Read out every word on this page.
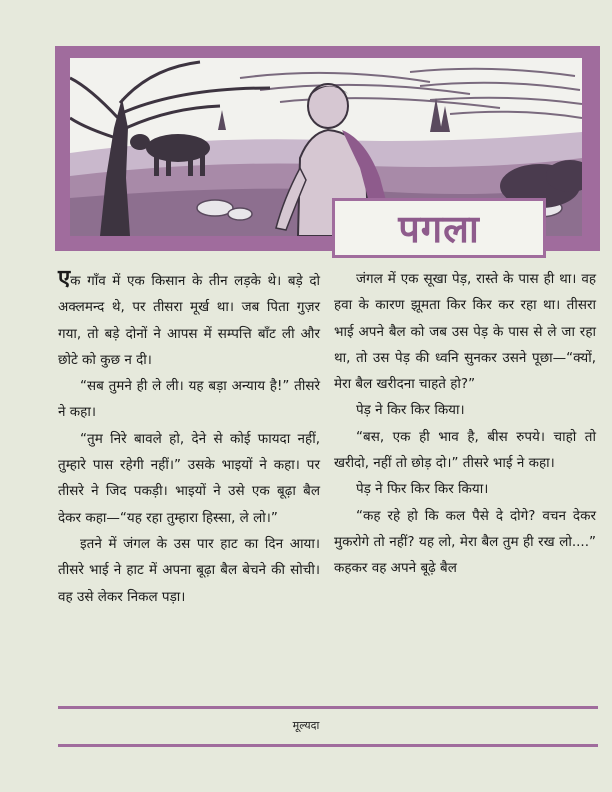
पगला

एक गाँव में एक किसान के तीन लड़के थे। बड़े दो अक्लमन्द थे, पर तीसरा मूर्ख था। जब पिता गुज़र गया, तो बड़े दोनों ने आपस में सम्पत्ति बाँट ली और छोटे को कुछ न दी।

“सब तुमने ही ले ली। यह बड़ा अन्याय है!” तीसरे ने कहा।

“तुम निरे बावले हो, देने से कोई फायदा नहीं, तुम्हारे पास रहेगी नहीं।” उसके भाइयों ने कहा। पर तीसरे ने जिद पकड़ी। भाइयों ने उसे एक बूढ़ा बैल देकर कहा—“यह रहा तुम्हारा हिस्सा, ले लो।”

इतने में जंगल के उस पार हाट का दिन आया। तीसरे भाई ने हाट में अपना बूढ़ा बैल बेचने की सोची। वह उसे लेकर निकल पड़ा।

जंगल में एक सूखा पेड़, रास्ते के पास ही था। वह हवा के कारण झूमता किर किर कर रहा था। तीसरा भाई अपने बैल को जब उस पेड़ के पास से ले जा रहा था, तो उस पेड़ की ध्वनि सुनकर उसने पूछा—“क्यों, मेरा बैल खरीदना चाहते हो?”

पेड़ ने किर किर किया।

“बस, एक ही भाव है, बीस रुपये। चाहो तो खरीदो, नहीं तो छोड़ दो।” तीसरे भाई ने कहा।

पेड़ ने फिर किर किर किया।

“कह रहे हो कि कल पैसे दे दोगे? वचन देकर मुकरोगे तो नहीं? यह लो, मेरा बैल तुम ही रख लो....” कहकर वह अपने बूढ़े बैल

मूल्यदा
